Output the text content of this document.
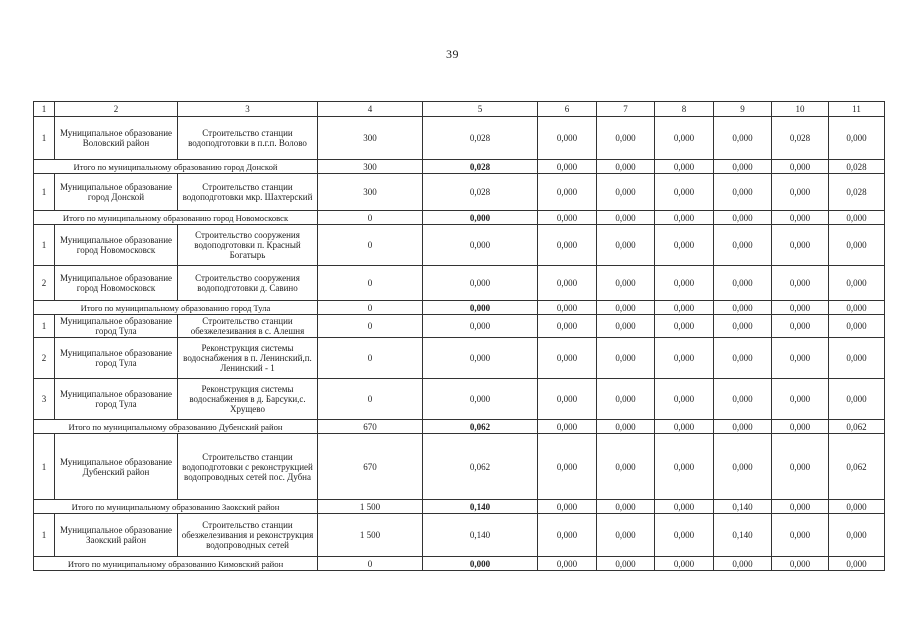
39
1	2	3	4	5	6	7	8	9	10	11
1	Муниципальное образование Воловский район	Строительство станции водоподготовки в п.г.п. Волово	300	0,028	0,000	0,000	0,000	0,000	0,028	0,000
Итого по муниципальному образованию город Донской			300	0,028	0,000	0,000	0,000	0,000	0,000	0,028
1	Муниципальное образование город Донской	Строительство станции водоподготовки мкр. Шахтерский	300	0,028	0,000	0,000	0,000	0,000	0,000	0,028
Итого по муниципальному образованию город Новомосковск			0	0,000	0,000	0,000	0,000	0,000	0,000	0,000
1	Муниципальное образование город Новомосковск	Строительство сооружения водоподготовки п. Красный Богатырь	0	0,000	0,000	0,000	0,000	0,000	0,000	0,000
2	Муниципальное образование город Новомосковск	Строительство сооружения водоподготовки д. Савино	0	0,000	0,000	0,000	0,000	0,000	0,000	0,000
Итого по муниципальному образованию город Тула			0	0,000	0,000	0,000	0,000	0,000	0,000	0,000
1	Муниципальное образование город Тула	Строительство станции обезжелезивания в с. Алешня	0	0,000	0,000	0,000	0,000	0,000	0,000	0,000
2	Муниципальное образование город Тула	Реконструкция системы водоснабжения в п. Ленинский,п. Ленинский - 1	0	0,000	0,000	0,000	0,000	0,000	0,000	0,000
3	Муниципальное образование город Тула	Реконструкция системы водоснабжения в д. Барсуки,с. Хрущево	0	0,000	0,000	0,000	0,000	0,000	0,000	0,000
Итого по муниципальному образованию Дубенский район			670	0,062	0,000	0,000	0,000	0,000	0,000	0,062
1	Муниципальное образование Дубенский район	Строительство станции водоподготовки с реконструкцией водопроводных сетей пос. Дубна	670	0,062	0,000	0,000	0,000	0,000	0,000	0,062
Итого по муниципальному образованию Заокский район			1 500	0,140	0,000	0,000	0,000	0,140	0,000	0,000
1	Муниципальное образование Заокский район	Строительство станции обезжелезивания и реконструкция водопроводных сетей	1 500	0,140	0,000	0,000	0,000	0,140	0,000	0,000
Итого по муниципальному образованию Кимовский район			0	0,000	0,000	0,000	0,000	0,000	0,000	0,000
